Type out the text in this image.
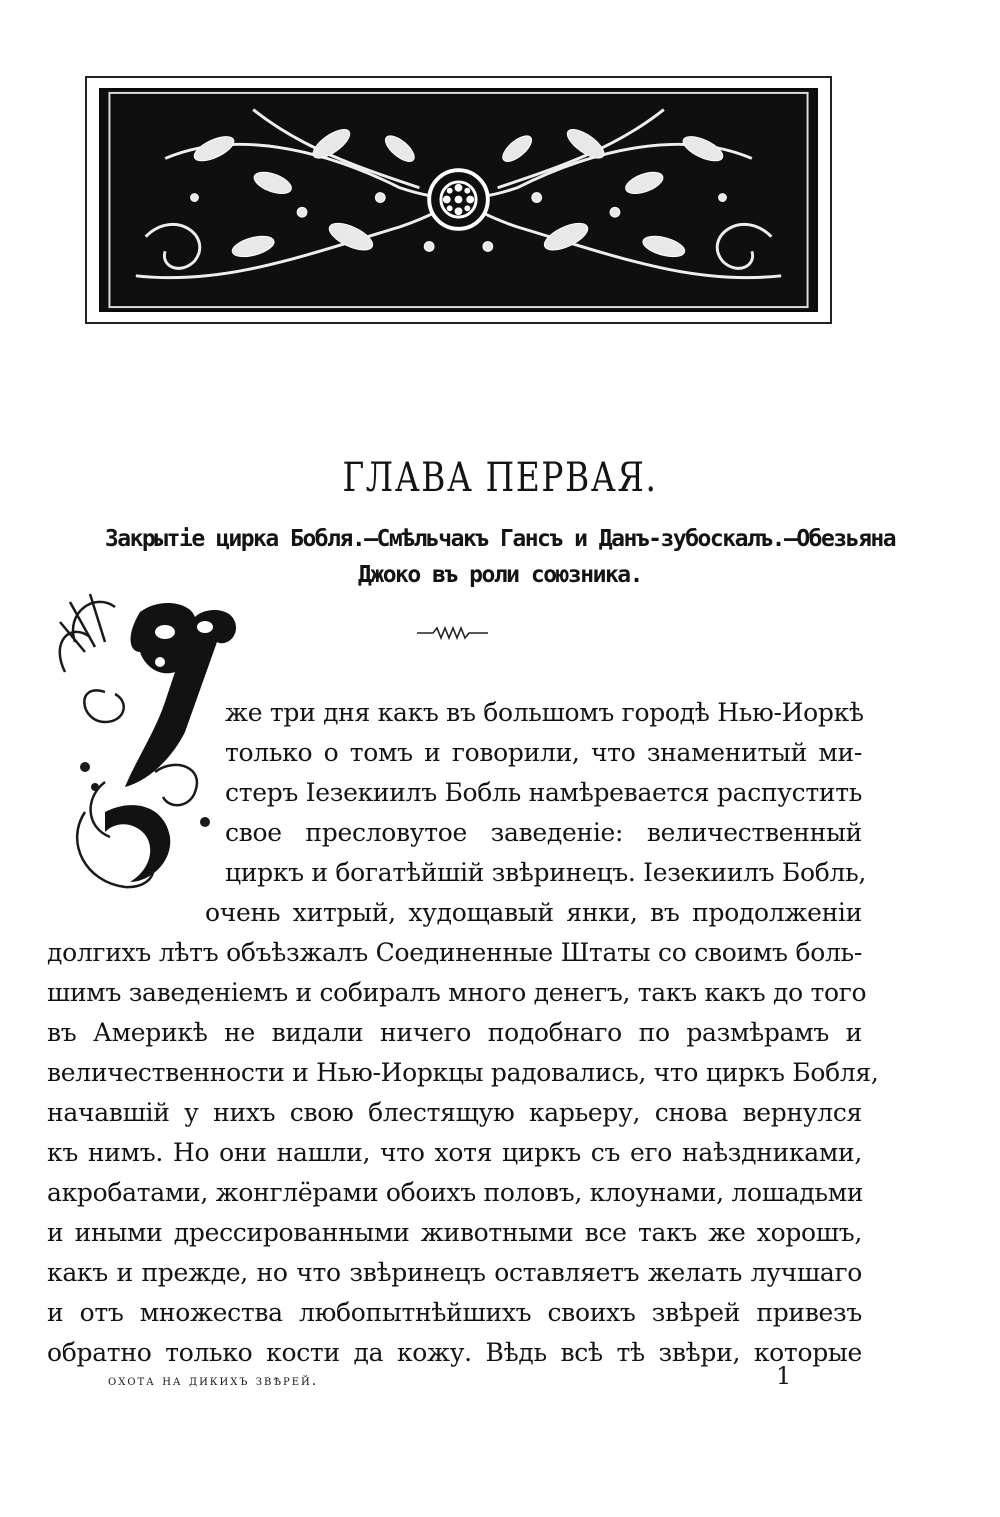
ГЛАВА ПЕРВАЯ.
Закрытіе цирка Бобля.—Смѣльчакъ Гансъ и Данъ-зубоскалъ.—Обезьяна
Джоко въ роли союзника.
же три дня какъ въ большомъ городѣ Нью-Иоркѣ
только о томъ и говорили, что знаменитый ми-
стеръ Іезекиилъ Бобль намѣревается распустить
свое пресловутое заведеніе: величественный
циркъ и богатѣйшій звѣринецъ. Іезекиилъ Бобль,
очень хитрый, худощавый янки, въ продолженіи
долгихъ лѣтъ объѣзжалъ Соединенные Штаты со своимъ боль-
шимъ заведеніемъ и собиралъ много денегъ, такъ какъ до того
въ Америкѣ не видали ничего подобнаго по размѣрамъ и
величественности и Нью-Иоркцы радовались, что циркъ Бобля,
начавшій у нихъ свою блестящую карьеру, снова вернулся
къ нимъ. Но они нашли, что хотя циркъ съ его наѣздниками,
акробатами, жонглёрами обоихъ половъ, клоунами, лошадьми
и иными дрессированными животными все такъ же хорошъ,
какъ и прежде, но что звѣринецъ оставляетъ желать лучшаго
и отъ множества любопытнѣйшихъ своихъ звѣрей привезъ
обратно только кости да кожу. Вѣдь всѣ тѣ звѣри, которые
охота на дикихъ звѣрей.	1
